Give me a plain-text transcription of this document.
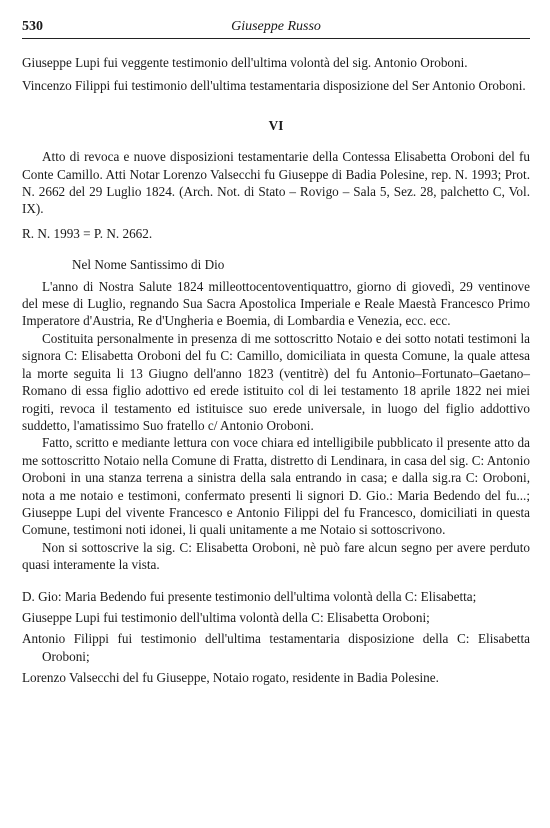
530	Giuseppe Russo

Giuseppe Lupi fui veggente testimonio dell'ultima volontà del sig. Antonio Oroboni.

Vincenzo Filippi fui testimonio dell'ultima testamentaria disposizione del Ser Antonio Oroboni.

VI

Atto di revoca e nuove disposizioni testamentarie della Contessa Elisabetta Oroboni del fu Conte Camillo. Atti Notar Lorenzo Valsecchi fu Giuseppe di Badia Polesine, rep. N. 1993; Prot. N. 2662 del 29 Luglio 1824. (Arch. Not. di Stato – Rovigo – Sala 5, Sez. 28, palchetto C, Vol. IX).

R. N. 1993 = P. N. 2662.

Nel Nome Santissimo di Dio

L'anno di Nostra Salute 1824 milleottocentoventiquattro, giorno di giovedì, 29 ventinove del mese di Luglio, regnando Sua Sacra Apostolica Imperiale e Reale Maestà Francesco Primo Imperatore d'Austria, Re d'Ungheria e Boemia, di Lombardia e Venezia, ecc. ecc.

Costituita personalmente in presenza di me sottoscritto Notaio e dei sotto notati testimoni la signora C: Elisabetta Oroboni del fu C: Camillo, domiciliata in questa Comune, la quale attesa la morte seguita li 13 Giugno dell'anno 1823 (ventitrè) del fu Antonio–Fortunato–Gaetano–Romano di essa figlio adottivo ed erede istituito col di lei testamento 18 aprile 1822 nei miei rogiti, revoca il testamento ed istituisce suo erede universale, in luogo del figlio addottivo suddetto, l'amatissimo Suo fratello c/ Antonio Oroboni.

Fatto, scritto e mediante lettura con voce chiara ed intelligibile pubblicato il presente atto da me sottoscritto Notaio nella Comune di Fratta, distretto di Lendinara, in casa del sig. C: Antonio Oroboni in una stanza terrena a sinistra della sala entrando in casa; e dalla sig.ra C: Oroboni, nota a me notaio e testimoni, confermato presenti li signori D. Gio.: Maria Bedendo del fu...; Giuseppe Lupi del vivente Francesco e Antonio Filippi del fu Francesco, domiciliati in questa Comune, testimoni noti idonei, li quali unitamente a me Notaio si sottoscrivono.

Non si sottoscrive la sig. C: Elisabetta Oroboni, nè può fare alcun segno per avere perduto quasi interamente la vista.

D. Gio: Maria Bedendo fui presente testimonio dell'ultima volontà della C: Elisabetta;

Giuseppe Lupi fui testimonio dell'ultima volontà della C: Elisabetta Oroboni;

Antonio Filippi fui testimonio dell'ultima testamentaria disposizione della C: Elisabetta Oroboni;

Lorenzo Valsecchi del fu Giuseppe, Notaio rogato, residente in Badia Polesine.
